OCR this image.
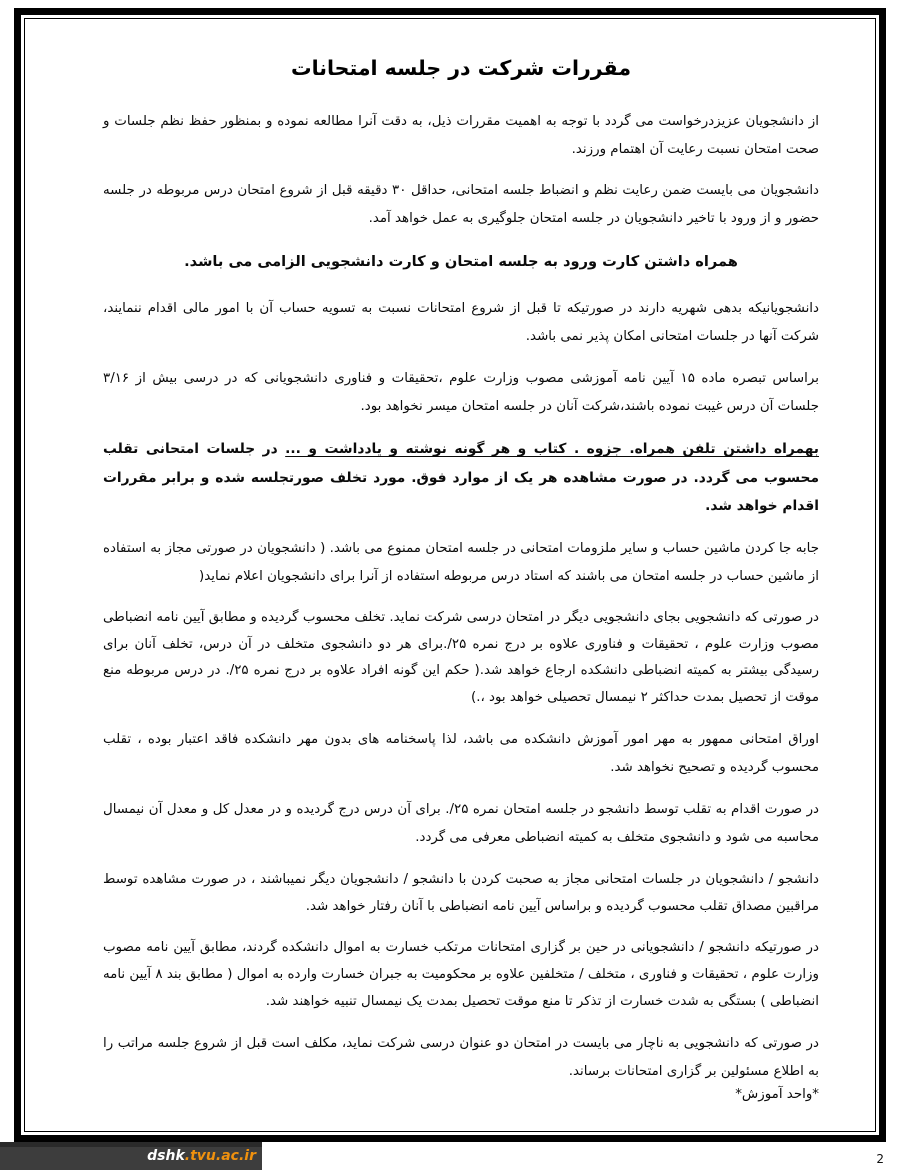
مقررات شرکت در جلسه امتحانات

از دانشجویان عزیزدرخواست می گردد با توجه به اهمیت مقررات ذیل، به دقت آنرا مطالعه نموده و بمنظور حفظ نظم جلسات و صحت امتحان نسبت رعایت آن اهتمام ورزند.

دانشجویان می بایست ضمن رعایت نظم و انضباط جلسه امتحانی، حداقل ۳۰ دقیقه قبل از شروع امتحان درس مربوطه در جلسه حضور و از ورود با تاخیر دانشجویان در جلسه امتحان جلوگیری به عمل خواهد آمد.

همراه داشتن کارت ورود به جلسه امتحان و کارت دانشجویی الزامی می باشد.

دانشجویانیکه بدهی شهریه دارند در صورتیکه تا قبل از شروع امتحانات نسبت به تسویه حساب آن با امور مالی اقدام ننمایند، شرکت آنها در جلسات امتحانی امکان پذیر نمی باشد.

براساس تبصره ماده ۱۵ آیین نامه آموزشی مصوب وزارت علوم ،تحقیقات و فناوری دانشجویانی که در درسی بیش از ۳/۱۶ جلسات آن درس غیبت نموده باشند،شرکت آنان در جلسه امتحان میسر نخواهد بود.

بهمراه داشتن تلفن همراه. جزوه . کتاب و هر گونه نوشته و یادداشت و ... در جلسات امتحانی تقلب محسوب می گردد. در صورت مشاهده هر یک از موارد فوق. مورد تخلف صورتجلسه شده و برابر مقررات اقدام خواهد شد.

جابه جا کردن ماشین حساب و سایر ملزومات امتحانی در جلسه امتحان ممنوع می باشد. ( دانشجویان در صورتی مجاز به استفاده از ماشین حساب در جلسه امتحان می باشند که استاد درس مربوطه استفاده از آنرا برای دانشجویان اعلام نماید(

در صورتی که دانشجویی بجای دانشجویی دیگر در امتحان درسی شرکت نماید. تخلف محسوب گردیده و مطابق آیین نامه انضباطی مصوب وزارت علوم ، تحقیقات و فناوری علاوه بر درج نمره ۲۵/.برای هر دو دانشجوی متخلف در آن درس، تخلف آنان برای رسیدگی بیشتر به کمیته انضباطی دانشکده ارجاع خواهد شد.( حکم این گونه افراد علاوه بر درج نمره ۲۵/. در درس مربوطه منع موقت از تحصیل بمدت حداکثر ۲ نیمسال تحصیلی خواهد بود ،.)

اوراق امتحانی ممهور به مهر امور آموزش دانشکده می باشد، لذا پاسخنامه های بدون مهر دانشکده فاقد اعتبار بوده ، تقلب محسوب گردیده و تصحیح نخواهد شد.

در صورت اقدام به تقلب توسط دانشجو در جلسه امتحان نمره ۲۵/. برای آن درس درج گردیده و در معدل کل و معدل آن نیمسال محاسبه می شود و دانشجوی متخلف به کمیته انضباطی معرفی می گردد.

دانشجو / دانشجویان در جلسات امتحانی مجاز به صحبت کردن با دانشجو / دانشجویان دیگر نمیباشند ، در صورت مشاهده توسط مراقبین مصداق تقلب محسوب گردیده و براساس آیین نامه انضباطی با آنان رفتار خواهد شد.

در صورتیکه دانشجو / دانشجویانی در حین بر گزاری امتحانات مرتکب خسارت به اموال دانشکده گردند، مطابق آیین نامه مصوب وزارت علوم ، تحقیقات و فناوری ، متخلف / متخلفین علاوه بر محکومیت به جبران خسارت وارده به اموال ( مطابق بند ۸ آیین نامه انضباطی ) بستگی به شدت خسارت از تذکر تا منع موقت تحصیل بمدت یک نیمسال تنبیه خواهند شد.

در صورتی که دانشجویی به ناچار می بایست در امتحان دو عنوان درسی شرکت نماید، مکلف است قبل از شروع جلسه مراتب را به اطلاع مسئولین بر گزاری امتحانات برساند.

*واحد آموزش*
dshk.tvu.ac.ir	2
